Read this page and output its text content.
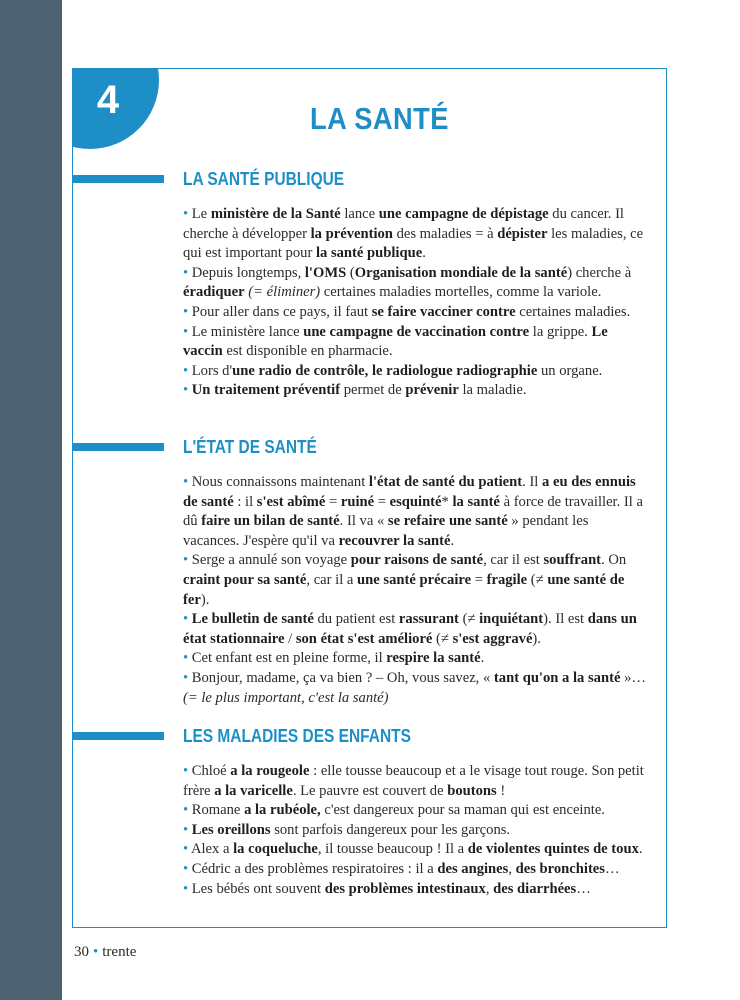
4	LA SANTÉ
LA SANTÉ PUBLIQUE

• Le ministère de la Santé lance une campagne de dépistage du cancer. Il cherche à développer la prévention des maladies = à dépister les maladies, ce qui est important pour la santé publique.

• Depuis longtemps, l'OMS (Organisation mondiale de la santé) cherche à éradiquer (= éliminer) certaines maladies mortelles, comme la variole.

• Pour aller dans ce pays, il faut se faire vacciner contre certaines maladies.

• Le ministère lance une campagne de vaccination contre la grippe. Le vaccin est disponible en pharmacie.

• Lors d'une radio de contrôle, le radiologue radiographie un organe.

• Un traitement préventif permet de prévenir la maladie.

L'ÉTAT DE SANTÉ

• Nous connaissons maintenant l'état de santé du patient. Il a eu des ennuis de santé : il s'est abîmé = ruiné = esquinté* la santé à force de travailler. Il a dû faire un bilan de santé. Il va « se refaire une santé » pendant les vacances. J'espère qu'il va recouvrer la santé.

• Serge a annulé son voyage pour raisons de santé, car il est souffrant. On craint pour sa santé, car il a une santé précaire = fragile (≠ une santé de fer).

• Le bulletin de santé du patient est rassurant (≠ inquiétant). Il est dans un état stationnaire / son état s'est amélioré (≠ s'est aggravé).

• Cet enfant est en pleine forme, il respire la santé.

• Bonjour, madame, ça va bien ? – Oh, vous savez, « tant qu'on a la santé »…

(= le plus important, c'est la santé)

LES MALADIES DES ENFANTS

• Chloé a la rougeole : elle tousse beaucoup et a le visage tout rouge. Son petit frère a la varicelle. Le pauvre est couvert de boutons !

• Romane a la rubéole, c'est dangereux pour sa maman qui est enceinte.

• Les oreillons sont parfois dangereux pour les garçons.

• Alex a la coqueluche, il tousse beaucoup ! Il a de violentes quintes de toux.

• Cédric a des problèmes respiratoires : il a des angines, des bronchites…

• Les bébés ont souvent des problèmes intestinaux, des diarrhées…

30 • trente
